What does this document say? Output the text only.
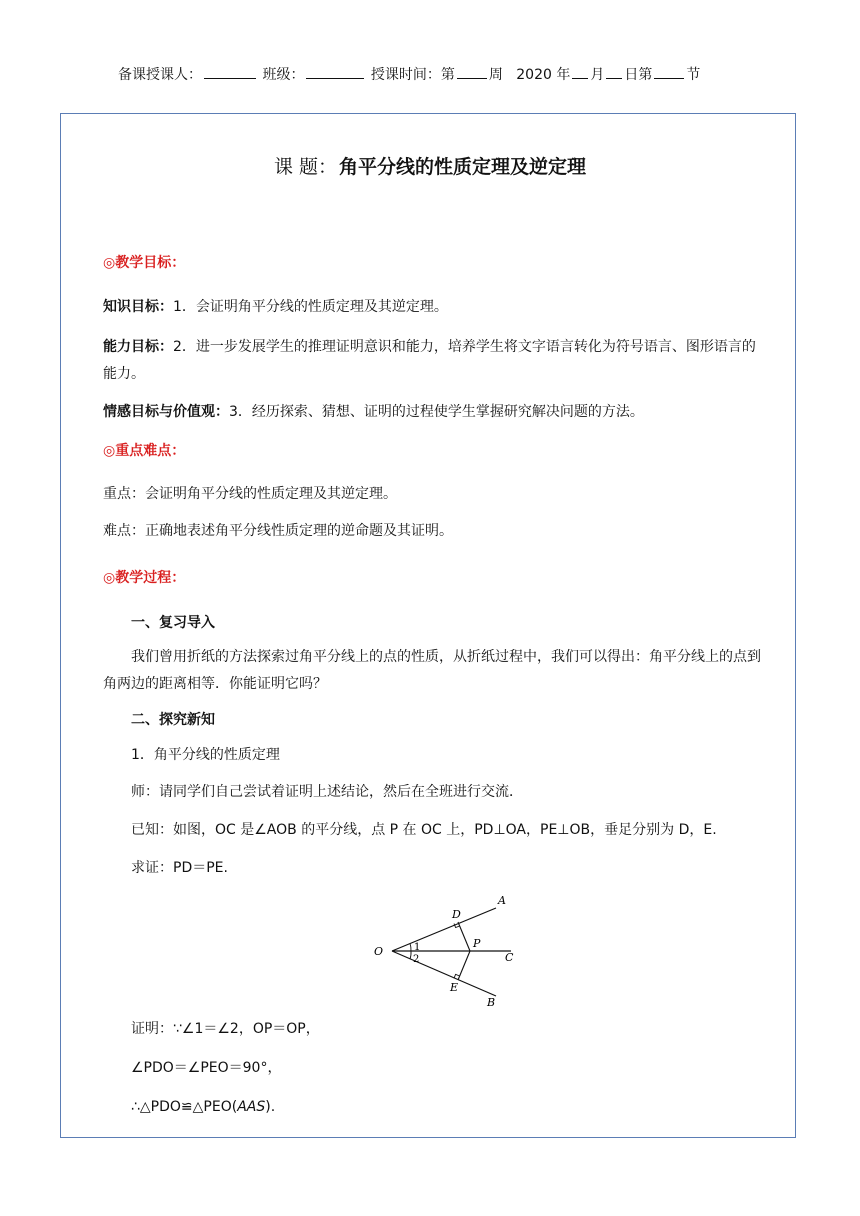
备课授课人：	班级：	授课时间：第 周 2020 年 月 日第 节
课 题： 角平分线的性质定理及逆定理
◎教学目标：
知识目标：1．会证明角平分线的性质定理及其逆定理。
能力目标：2．进一步发展学生的推理证明意识和能力，培养学生将文字语言转化为符号语言、图形语言的能力。
情感目标与价值观：3．经历探索、猜想、证明的过程使学生掌握研究解决问题的方法。
◎重点难点：
重点：会证明角平分线的性质定理及其逆定理。
难点：正确地表述角平分线性质定理的逆命题及其证明。
◎教学过程：
一、复习导入
我们曾用折纸的方法探索过角平分线上的点的性质，从折纸过程中，我们可以得出：角平分线上的点到角两边的距离相等．你能证明它吗？
二、探究新知
1．角平分线的性质定理
师：请同学们自己尝试着证明上述结论，然后在全班进行交流．
已知：如图，OC 是∠AOB 的平分线，点 P 在 OC 上，PD⊥OA，PE⊥OB，垂足分别为 D，E.
求证：PD＝PE.
O
A
B
C
D
E
P
1
2
证明：∵∠1＝∠2，OP＝OP，
∠PDO＝∠PEO＝90°，
∴△PDO≌△PEO(AAS).
